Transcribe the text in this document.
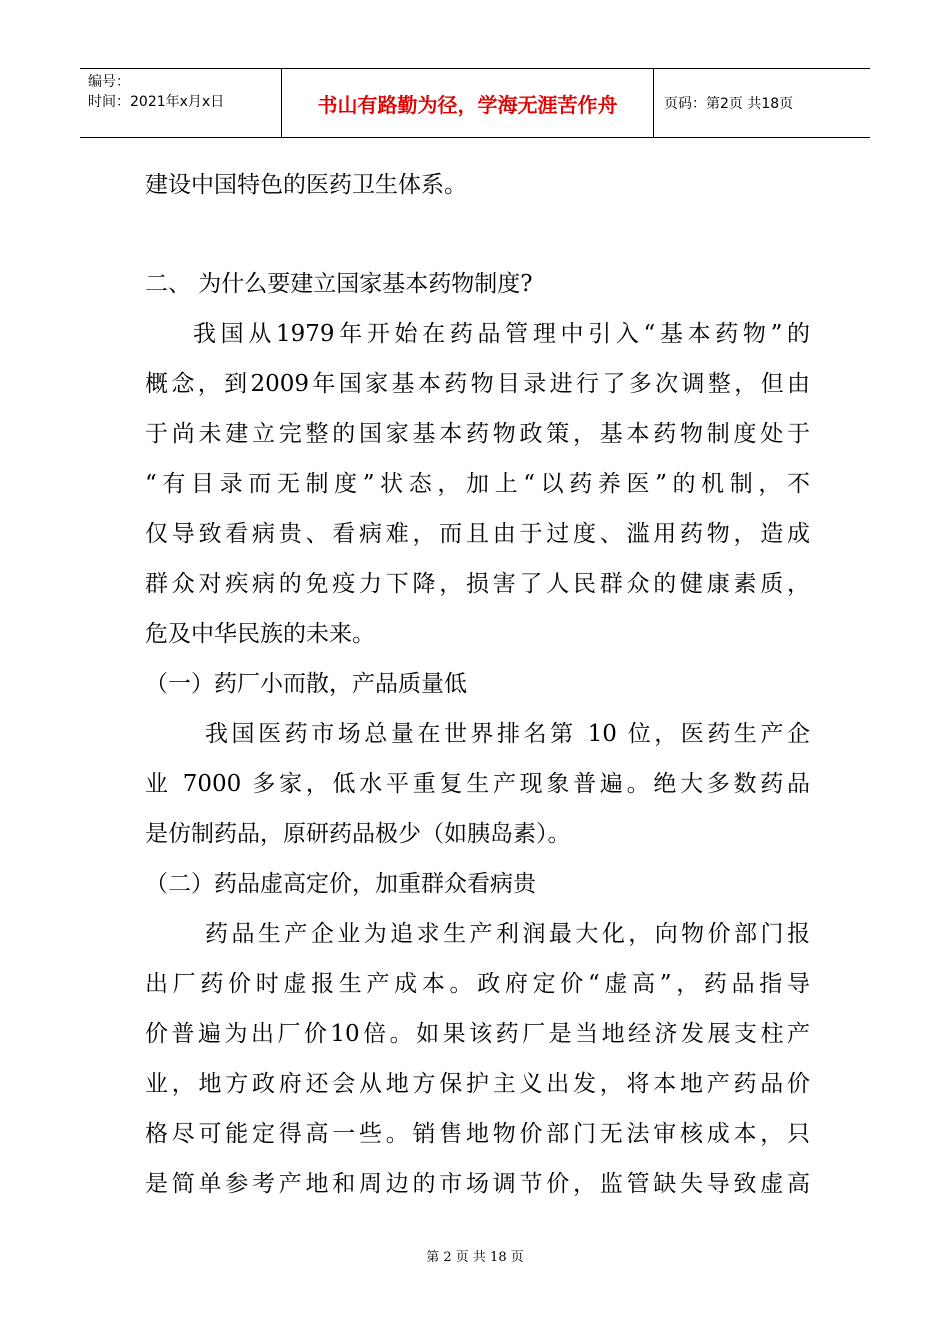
编号：
时间：2021年x月x日	书山有路勤为径，学海无涯苦作舟	页码：第2页 共18页
建设中国特色的医药卫生体系。
二、 为什么要建立国家基本药物制度?
我国从1979年开始在药品管理中引入“基本药物”的
概念，到2009年国家基本药物目录进行了多次调整，但由
于尚未建立完整的国家基本药物政策，基本药物制度处于
“有目录而无制度”状态，加上“以药养医”的机制，不
仅导致看病贵、看病难，而且由于过度、滥用药物，造成
群众对疾病的免疫力下降，损害了人民群众的健康素质，
危及中华民族的未来。
（一）药厂小而散，产品质量低
我国医药市场总量在世界排名第 10 位，医药生产企
业 7000 多家，低水平重复生产现象普遍。绝大多数药品
是仿制药品，原研药品极少（如胰岛素）。
（二）药品虚高定价，加重群众看病贵
药品生产企业为追求生产利润最大化，向物价部门报
出厂药价时虚报生产成本。政府定价“虚高”，药品指导
价普遍为出厂价10倍。如果该药厂是当地经济发展支柱产
业，地方政府还会从地方保护主义出发，将本地产药品价
格尽可能定得高一些。销售地物价部门无法审核成本，只
是简单参考产地和周边的市场调节价，监管缺失导致虚高
第 2 页 共 18 页
